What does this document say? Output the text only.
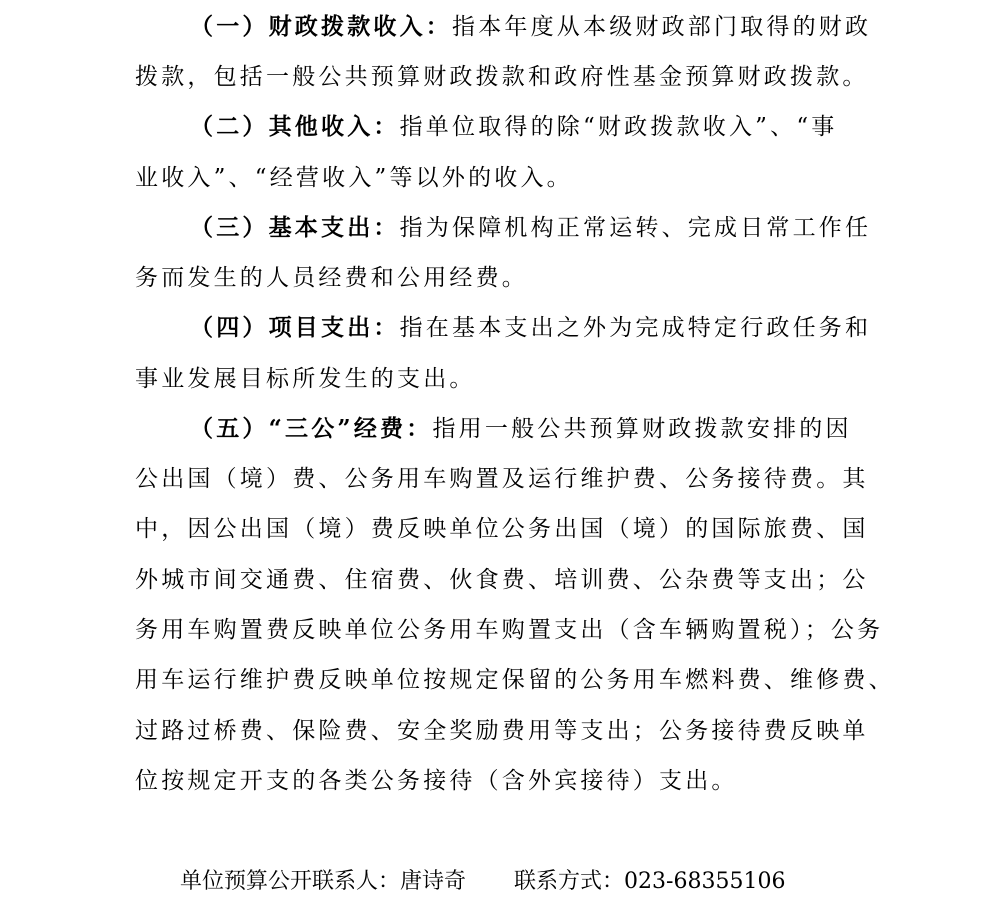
（一）财政拨款收入：指本年度从本级财政部门取得的财政
拨款，包括一般公共预算财政拨款和政府性基金预算财政拨款。
（二）其他收入：指单位取得的除“财政拨款收入”、“事
业收入”、“经营收入”等以外的收入。
（三）基本支出：指为保障机构正常运转、完成日常工作任
务而发生的人员经费和公用经费。
（四）项目支出：指在基本支出之外为完成特定行政任务和
事业发展目标所发生的支出。
（五）“三公”经费：指用一般公共预算财政拨款安排的因
公出国（境）费、公务用车购置及运行维护费、公务接待费。其
中，因公出国（境）费反映单位公务出国（境）的国际旅费、国
外城市间交通费、住宿费、伙食费、培训费、公杂费等支出；公
务用车购置费反映单位公务用车购置支出（含车辆购置税）；公务
用车运行维护费反映单位按规定保留的公务用车燃料费、维修费、
过路过桥费、保险费、安全奖励费用等支出；公务接待费反映单
位按规定开支的各类公务接待（含外宾接待）支出。
单位预算公开联系人：唐诗奇 联系方式：023-68355106
